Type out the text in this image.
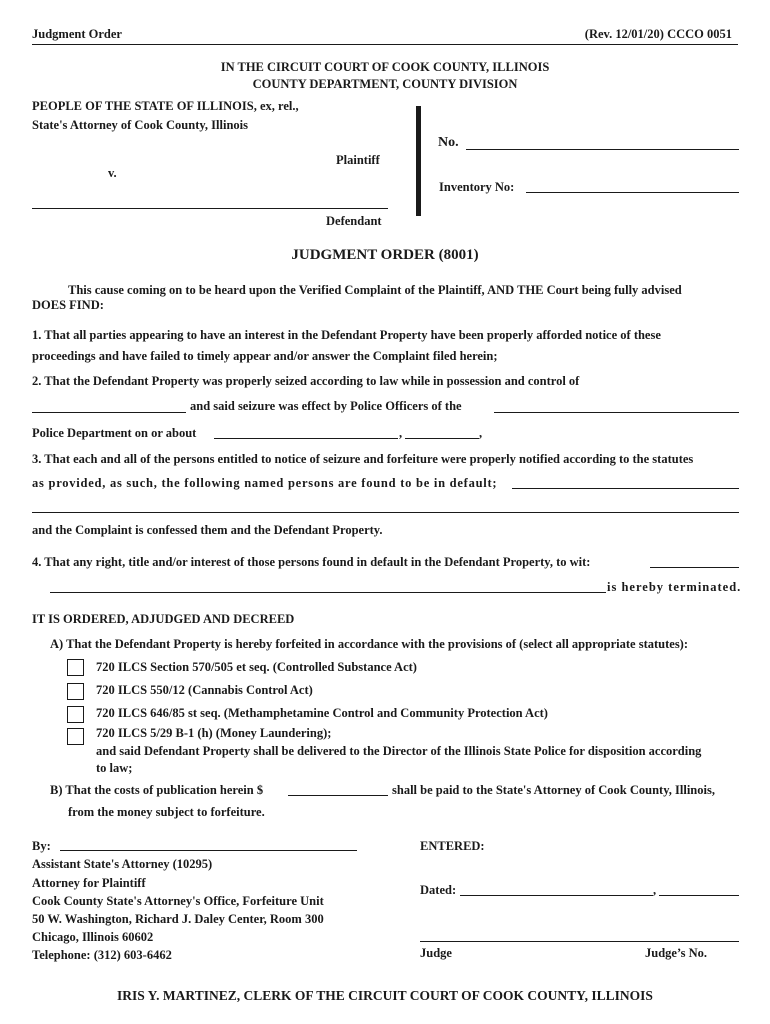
Judgment Order	(Rev. 12/01/20) CCCO 0051
IN THE CIRCUIT COURT OF COOK COUNTY, ILLINOIS
COUNTY DEPARTMENT, COUNTY DIVISION
PEOPLE OF THE STATE OF ILLINOIS, ex, rel.,
State's Attorney of Cook County, Illinois
Plaintiff
v.
Defendant
No.
Inventory No:
JUDGMENT ORDER (8001)
This cause coming on to be heard upon the Verified Complaint of the Plaintiff, AND THE Court being fully advised
DOES FIND:
1. That all parties appearing to have an interest in the Defendant Property have been properly afforded notice of these
proceedings and have failed to timely appear and/or answer the Complaint filed herein;
2. That the Defendant Property was properly seized according to law while in possession and control of
and said seizure was effect by Police Officers of the
Police Department on or about	,	,
3. That each and all of the persons entitled to notice of seizure and forfeiture were properly notified according to the statutes
as provided, as such, the following named persons are found to be in default;
and the Complaint is confessed them and the Defendant Property.
4. That any right, title and/or interest of those persons found in default in the Defendant Property, to wit:
is hereby terminated.
IT IS ORDERED, ADJUDGED AND DECREED
A) That the Defendant Property is hereby forfeited in accordance with the provisions of (select all appropriate statutes):
720 ILCS Section 570/505 et seq. (Controlled Substance Act)
720 ILCS 550/12 (Cannabis Control Act)
720 ILCS 646/85 st seq. (Methamphetamine Control and Community Protection Act)
720 ILCS 5/29 B-1 (h) (Money Laundering);
and said Defendant Property shall be delivered to the Director of the Illinois State Police for disposition according
to law;
B) That the costs of publication herein $	shall be paid to the State's Attorney of Cook County, Illinois,
from the money subject to forfeiture.
By:
Assistant State's Attorney (10295)
Attorney for Plaintiff
Cook County State's Attorney's Office, Forfeiture Unit
50 W. Washington, Richard J. Daley Center, Room 300
Chicago, Illinois 60602
Telephone: (312) 603-6462
ENTERED:
Dated:	,
Judge	Judge’s No.
IRIS Y. MARTINEZ, CLERK OF THE CIRCUIT COURT OF COOK COUNTY, ILLINOIS
